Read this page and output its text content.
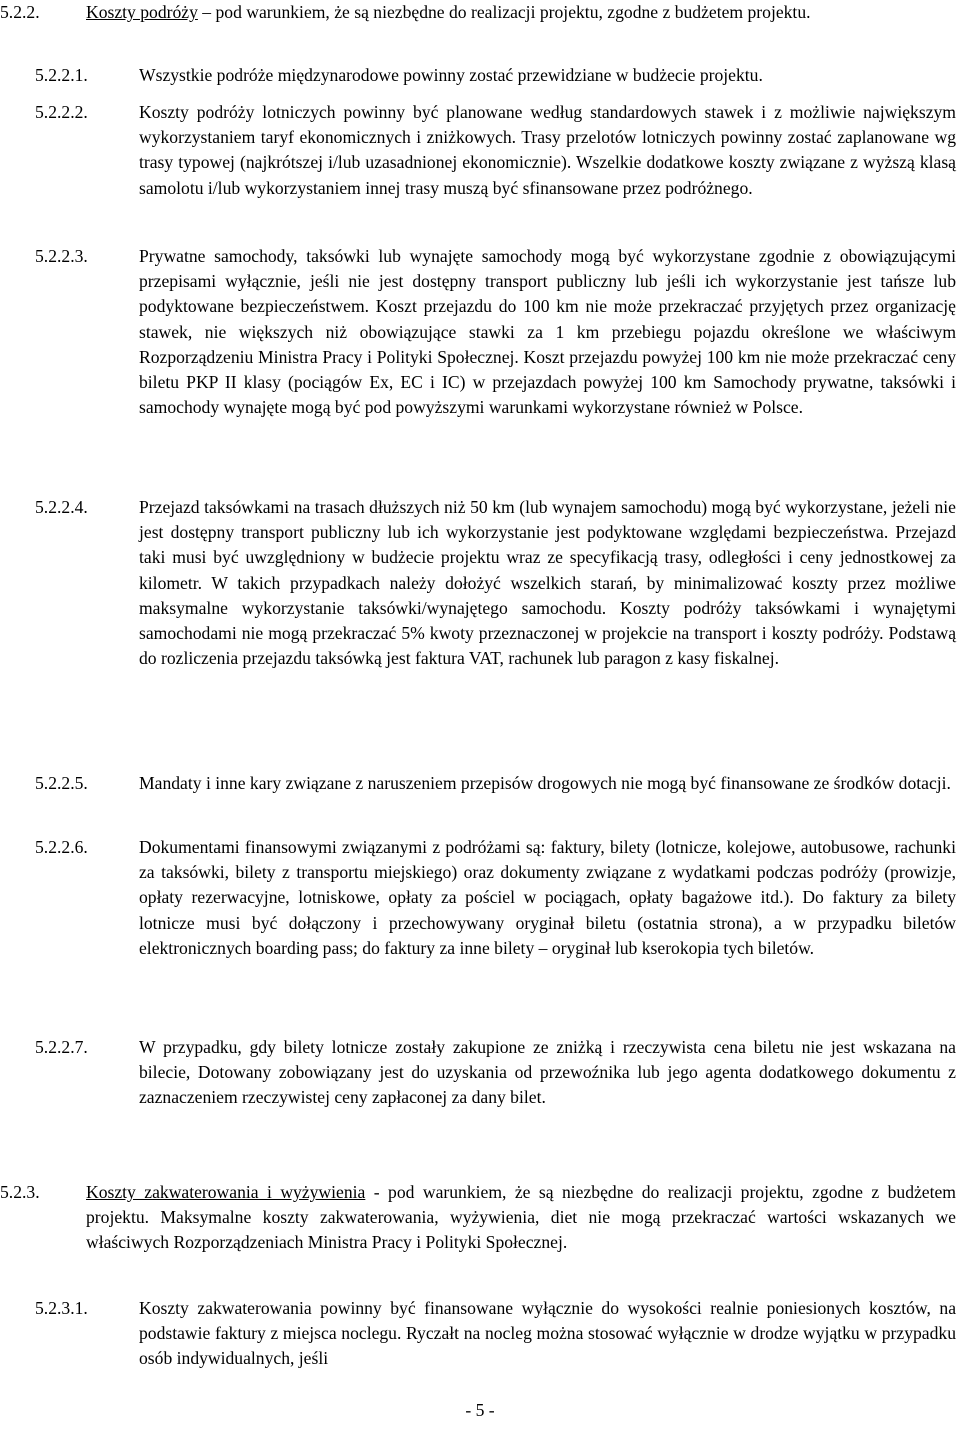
5.2.2.	Koszty podróży – pod warunkiem, że są niezbędne do realizacji projektu, zgodne z budżetem projektu.
5.2.2.1.	Wszystkie podróże międzynarodowe powinny zostać przewidziane w budżecie projektu.
5.2.2.2.	Koszty podróży lotniczych powinny być planowane według standardowych stawek i z możliwie największym wykorzystaniem taryf ekonomicznych i zniżkowych. Trasy przelotów lotniczych powinny zostać zaplanowane wg trasy typowej (najkrótszej i/lub uzasadnionej ekonomicznie). Wszelkie dodatkowe koszty związane z wyższą klasą samolotu i/lub wykorzystaniem innej trasy muszą być sfinansowane przez podróżnego.
5.2.2.3.	Prywatne samochody, taksówki lub wynajęte samochody mogą być wykorzystane zgodnie z obowiązującymi przepisami wyłącznie, jeśli nie jest dostępny transport publiczny lub jeśli ich wykorzystanie jest tańsze lub podyktowane bezpieczeństwem. Koszt przejazdu do 100 km nie może przekraczać przyjętych przez organizację stawek, nie większych niż obowiązujące stawki za 1 km przebiegu pojazdu określone we właściwym Rozporządzeniu Ministra Pracy i Polityki Społecznej. Koszt przejazdu powyżej 100 km nie może przekraczać ceny biletu PKP II klasy (pociągów Ex, EC i IC) w przejazdach powyżej 100 km Samochody prywatne, taksówki i samochody wynajęte mogą być pod powyższymi warunkami wykorzystane również w Polsce.
5.2.2.4.	Przejazd taksówkami na trasach dłuższych niż 50 km (lub wynajem samochodu) mogą być wykorzystane, jeżeli nie jest dostępny transport publiczny lub ich wykorzystanie jest podyktowane względami bezpieczeństwa. Przejazd taki musi być uwzględniony w budżecie projektu wraz ze specyfikacją trasy, odległości i ceny jednostkowej za kilometr. W takich przypadkach należy dołożyć wszelkich starań, by minimalizować koszty przez możliwe maksymalne wykorzystanie taksówki/wynajętego samochodu. Koszty podróży taksówkami i wynajętymi samochodami nie mogą przekraczać 5% kwoty przeznaczonej w projekcie na transport i koszty podróży. Podstawą do rozliczenia przejazdu taksówką jest faktura VAT, rachunek lub paragon z kasy fiskalnej.
5.2.2.5.	Mandaty i inne kary związane z naruszeniem przepisów drogowych nie mogą być finansowane ze środków dotacji.
5.2.2.6.	Dokumentami finansowymi związanymi z podróżami są: faktury, bilety (lotnicze, kolejowe, autobusowe, rachunki za taksówki, bilety z transportu miejskiego) oraz dokumenty związane z wydatkami podczas podróży (prowizje, opłaty rezerwacyjne, lotniskowe, opłaty za pościel w pociągach, opłaty bagażowe itd.). Do faktury za bilety lotnicze musi być dołączony i przechowywany oryginał biletu (ostatnia strona), a w przypadku biletów elektronicznych boarding pass; do faktury za inne bilety – oryginał lub kserokopia tych biletów.
5.2.2.7.	W przypadku, gdy bilety lotnicze zostały zakupione ze zniżką i rzeczywista cena biletu nie jest wskazana na bilecie, Dotowany zobowiązany jest do uzyskania od przewoźnika lub jego agenta dodatkowego dokumentu z zaznaczeniem rzeczywistej ceny zapłaconej za dany bilet.
5.2.3.	Koszty zakwaterowania i wyżywienia - pod warunkiem, że są niezbędne do realizacji projektu, zgodne z budżetem projektu. Maksymalne koszty zakwaterowania, wyżywienia, diet nie mogą przekraczać wartości wskazanych we właściwych Rozporządzeniach Ministra Pracy i Polityki Społecznej.
5.2.3.1.	Koszty zakwaterowania powinny być finansowane wyłącznie do wysokości realnie poniesionych kosztów, na podstawie faktury z miejsca noclegu. Ryczałt na nocleg można stosować wyłącznie w drodze wyjątku w przypadku osób indywidualnych, jeśli
- 5 -
